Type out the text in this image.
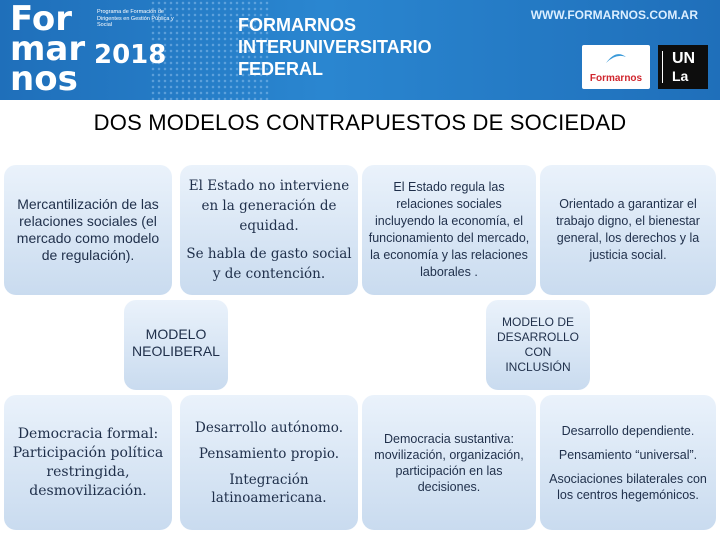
For
mar
nos
Programa de Formación de Dirigentes en Gestión Pública y Social
2018
FORMARNOS
INTERUNIVERSITARIO
FEDERAL
WWW.FORMARNOS.COM.AR
Formarnos
UN
La
DOS MODELOS CONTRAPUESTOS DE SOCIEDAD
Mercantilización de las relaciones sociales (el mercado como modelo de regulación).
El Estado no interviene en la generación de equidad.
Se habla de gasto social y de contención.
MODELO NEOLIBERAL
Democracia formal: Participación política restringida, desmovilización.
Desarrollo autónomo.
Pensamiento propio.
Integración latinoamericana.
El Estado regula las relaciones sociales incluyendo la economía, el funcionamiento del mercado, la economía y las relaciones laborales .
Orientado a garantizar el trabajo digno, el bienestar general, los derechos y la justicia social.
MODELO DE DESARROLLO CON INCLUSIÓN
Democracia sustantiva: movilización, organización, participación en las decisiones.
Desarrollo dependiente.
Pensamiento “universal”.
Asociaciones bilaterales con los centros hegemónicos.
